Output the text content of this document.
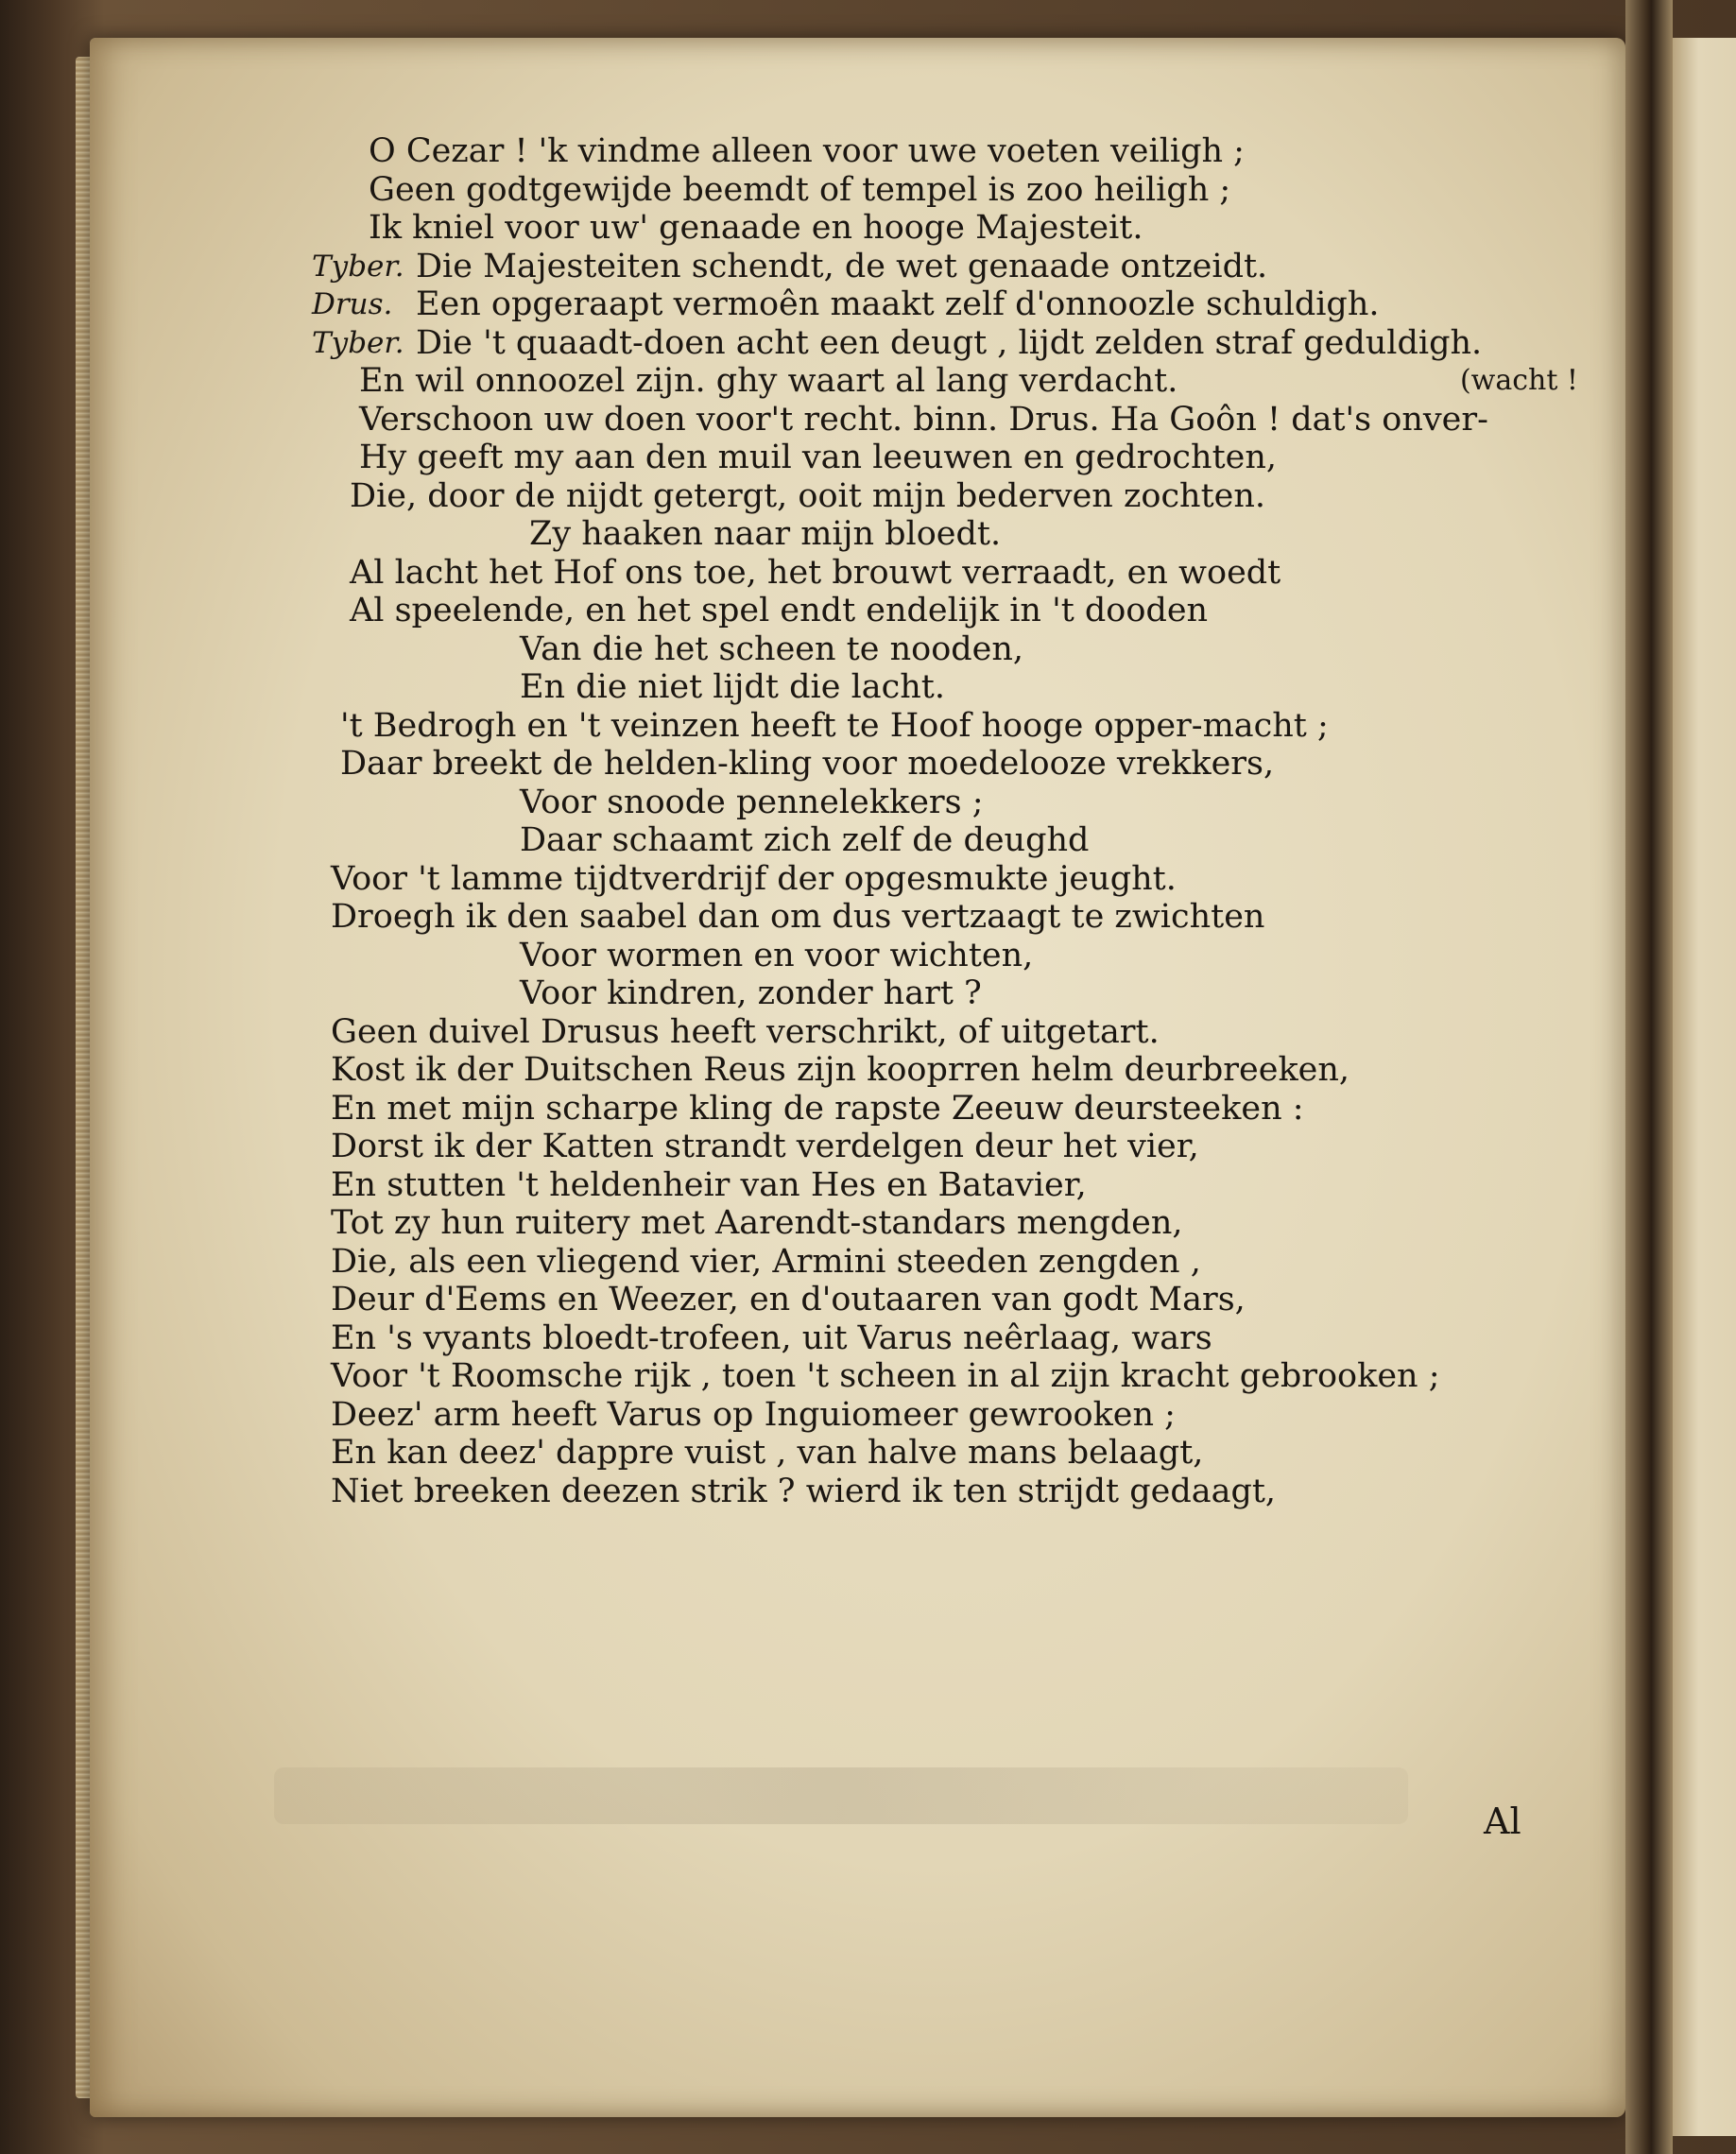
O Cezar ! 'k vindme alleen voor uwe voeten veiligh ;
Geen godtgewijde beemdt of tempel is zoo heiligh ;
Ik kniel voor uw' genaade en hooge Majesteit.
Tyber. Die Majesteiten schendt, de wet genaade ontzeidt.
Drus. Een opgeraapt vermoên maakt zelf d'onnoozle schuldigh.
Tyber. Die 't quaadt-doen acht een deugt , lijdt zelden straf geduldigh.
En wil onnoozel zijn. ghy waart al lang verdacht.	(wacht !
Verschoon uw doen voor't recht. binn. Drus. Ha Goôn ! dat's onver-
Hy geeft my aan den muil van leeuwen en gedrochten,
Die, door de nijdt getergt, ooit mijn bederven zochten.
Zy haaken naar mijn bloedt.
Al lacht het Hof ons toe, het brouwt verraadt, en woedt
Al speelende, en het spel endt endelijk in 't dooden
Van die het scheen te nooden,
En die niet lijdt die lacht.
't Bedrogh en 't veinzen heeft te Hoof hooge opper-macht ;
Daar breekt de helden-kling voor moedelooze vrekkers,
Voor snoode pennelekkers ;
Daar schaamt zich zelf de deughd
Voor 't lamme tijdtverdrijf der opgesmukte jeught.
Droegh ik den saabel dan om dus vertzaagt te zwichten
Voor wormen en voor wichten,
Voor kindren, zonder hart ?
Geen duivel Drusus heeft verschrikt, of uitgetart.
Kost ik der Duitschen Reus zijn kooprren helm deurbreeken,
En met mijn scharpe kling de rapste Zeeuw deursteeken :
Dorst ik der Katten strandt verdelgen deur het vier,
En stutten 't heldenheir van Hes en Batavier,
Tot zy hun ruitery met Aarendt-standars mengden,
Die, als een vliegend vier, Armini steeden zengden ,
Deur d'Eems en Weezer, en d'outaaren van godt Mars,
En 's vyants bloedt-trofeen, uit Varus neêrlaag, wars
Voor 't Roomsche rijk , toen 't scheen in al zijn kracht gebrooken ;
Deez' arm heeft Varus op Inguiomeer gewrooken ;
En kan deez' dappre vuist , van halve mans belaagt,
Niet breeken deezen strik ? wierd ik ten strijdt gedaagt,
Al
